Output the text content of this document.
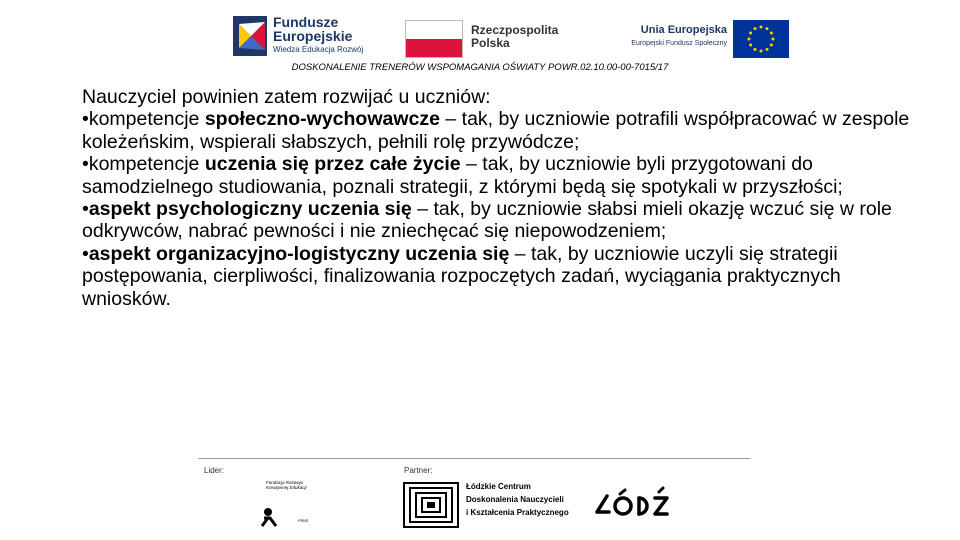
Fundusze
Europejskie
Wiedza Edukacja Rozwój
Rzeczpospolita
Polska
Unia Europejska
Europejski Fundusz Społeczny
DOSKONALENIE TRENERÓW WSPOMAGANIA OŚWIATY POWR.02.10.00-00-7015/17

Nauczyciel powinien zatem rozwijać u uczniów:

•kompetencje społeczno-wychowawcze – tak, by uczniowie potrafili współpracować w zespole koleżeńskim, wspierali słabszych, pełnili rolę przywódcze;

•kompetencje uczenia się przez całe życie – tak, by uczniowie byli przygotowani do samodzielnego studiowania, poznali strategii, z którymi będą się spotykali w przyszłości;

•aspekt psychologiczny uczenia się – tak, by uczniowie słabsi mieli okazję wczuć się w role odkrywców, nabrać pewności i nie zniechęcać się niepowodzeniem;

•aspekt organizacyjno-logistyczny uczenia się – tak, by uczniowie uczyli się strategii postępowania, cierpliwości, finalizowania rozpoczętych zadań, wyciągania praktycznych wniosków.

Lider:	Partner:
Fundacja Rozwoju Kreatywnej Edukacji
FRKE
Łódzkie Centrum
Doskonalenia Nauczycieli
i Kształcenia Praktycznego
